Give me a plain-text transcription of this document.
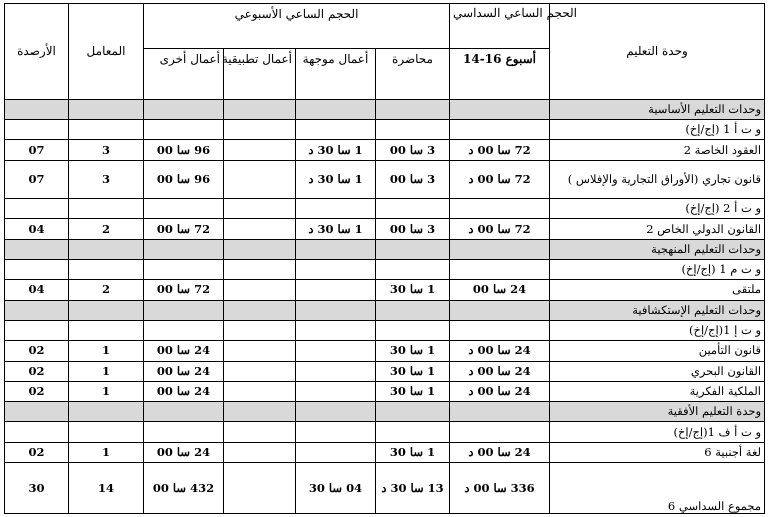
الأرصدة	المعامل	الحجم الساعي الأسبوعي				الحجم الساعي السداسي	وحدة التعليم
		أعمال أخرى	أعمال تطبيقية	أعمال موجهة	محاضرة	14-16 أسبوع	
							وحدات التعليم الأساسية
							و ت أ 1 (إج/إخ)
07	3	96 سا 00		1 سا 30 د	3 سا 00	72 سا 00 د	العقود الخاصة 2
07	3	96 سا 00		1 سا 30 د	3 سا 00	72 سا 00 د	قانون تجاري (الأوراق التجارية والإفلاس )
							و ت أ 2 (إج/إخ)
04	2	72 سا 00		1 سا 30 د	3 سا 00	72 سا 00 د	القانون الدولي الخاص 2
							وحدات التعليم المنهجية
							و ت م 1 (إج/إخ)
04	2	72 سا 00			1 سا 30	24 سا 00	ملتقى
							وحدات التعليم الإستكشافية
							و ت إ 1(إج/إخ)
02	1	24 سا 00			1 سا 30	24 سا 00 د	قانون التأمين
02	1	24 سا 00			1 سا 30	24 سا 00 د	القانون البحري
02	1	24 سا 00			1 سا 30	24 سا 00 د	الملكية الفكرية
							وحدة التعليم الأفقية
							و ت أ ف 1(إج/إخ)
02	1	24 سا 00			1 سا 30	24 سا 00 د	لغة أجنبية 6
30	14	432 سا 00		04 سا 30	13 سا 30 د	336 سا 00 د	مجموع السداسي 6
